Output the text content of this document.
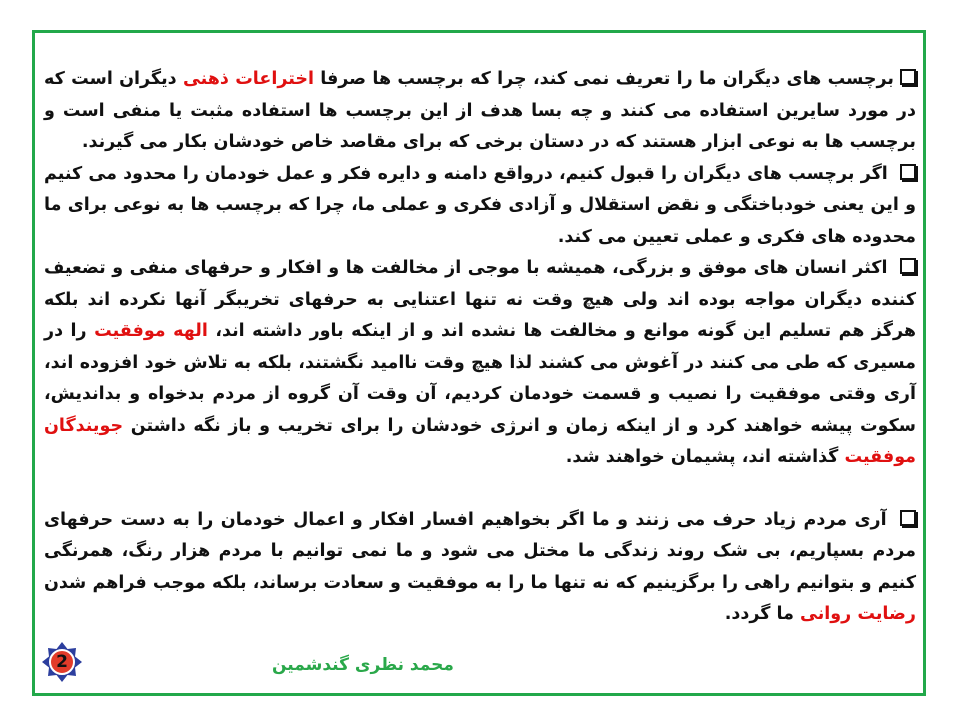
برچسب های دیگران ما را تعریف نمی کند، چرا که برچسب ها صرفا اختراعات ذهنی دیگران است که در مورد سایرین استفاده می کنند و چه بسا هدف از این برچسب ها استفاده مثبت یا منفی است و برچسب ها به نوعی ابزار هستند که در دستان برخی که برای مقاصد خاص خودشان بکار می گیرند.

اگر برچسب های دیگران را قبول کنیم، درواقع دامنه و دایره فکر و عمل خودمان را محدود می کنیم و این یعنی خودباختگی و نقض استقلال و آزادی فکری و عملی ما، چرا که برچسب ها به نوعی برای ما محدوده های فکری و عملی تعیین می کند.

اکثر انسان های موفق و بزرگی، همیشه با موجی از مخالفت ها و افکار و حرفهای منفی و تضعیف کننده دیگران مواجه بوده اند ولی هیچ وقت نه تنها اعتنایی به حرفهای تخریبگر آنها نکرده اند بلکه هرگز هم تسلیم این گونه موانع و مخالفت ها نشده اند و از اینکه باور داشته اند، الهه موفقیت را در مسیری که طی می کنند در آغوش می کشند لذا هیچ وقت ناامید نگشتند، بلکه به تلاش خود افزوده اند، آری وقتی موفقیت را نصیب و قسمت خودمان کردیم، آن وقت آن گروه از مردم بدخواه و بداندیش، سکوت پیشه خواهند کرد و از اینکه زمان و انرژی خودشان را برای تخریب و باز نگه داشتن جویندگان موفقیت گذاشته اند، پشیمان خواهند شد.

آری مردم زیاد حرف می زنند و ما اگر بخواهیم افسار افکار و اعمال خودمان را به دست حرفهای مردم بسپاریم، بی شک روند زندگی ما مختل می شود و ما نمی توانیم با مردم هزار رنگ، همرنگی کنیم و بتوانیم راهی را برگزینیم که نه تنها ما را به موفقیت و سعادت برساند، بلکه موجب فراهم شدن رضایت روانی ما گردد.

2	محمد نظری گندشمین
